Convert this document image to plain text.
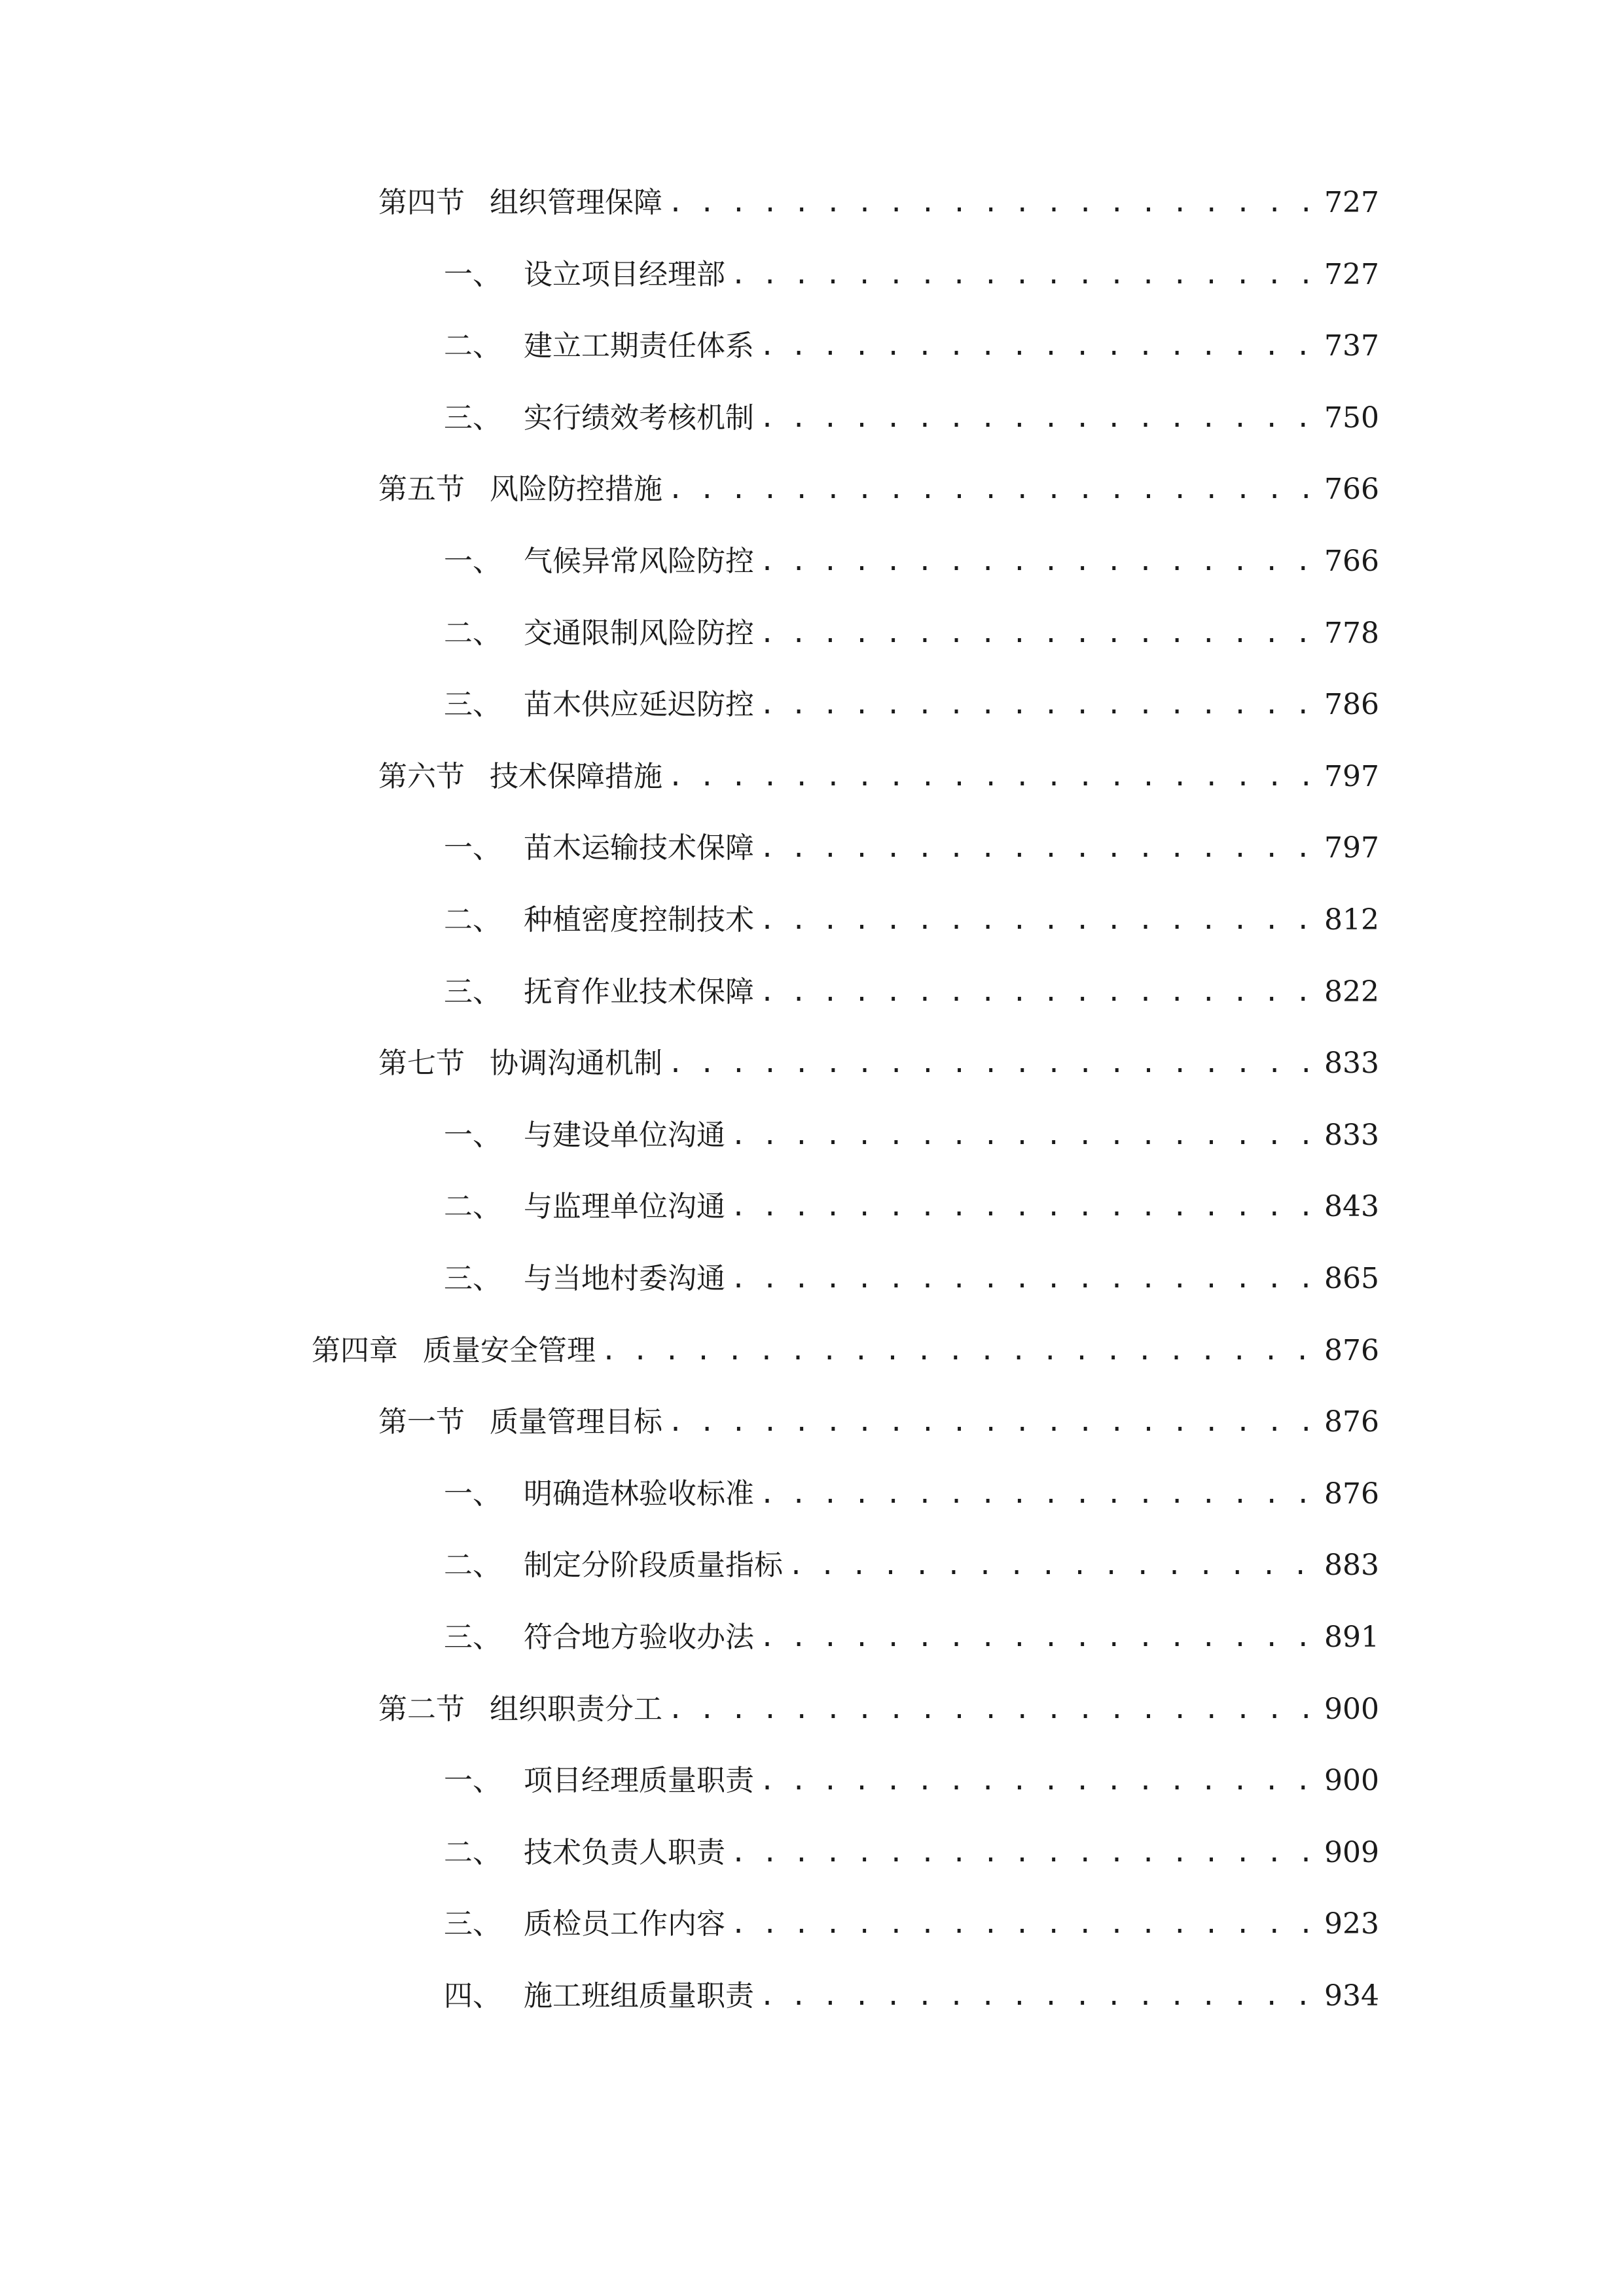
第四节 组织管理保障 . . .	727
一、 设立项目经理部 . . .	727
二、 建立工期责任体系 . . .	737
三、 实行绩效考核机制 . . .	750
第五节 风险防控措施 . . .	766
一、 气候异常风险防控 . . .	766
二、 交通限制风险防控 . . .	778
三、 苗木供应延迟防控 . . .	786
第六节 技术保障措施 . . .	797
一、 苗木运输技术保障 . . .	797
二、 种植密度控制技术 . . .	812
三、 抚育作业技术保障 . . .	822
第七节 协调沟通机制 . . .	833
一、 与建设单位沟通 . . .	833
二、 与监理单位沟通 . . .	843
三、 与当地村委沟通 . . .	865
第四章 质量安全管理 . . .	876
第一节 质量管理目标 . . .	876
一、 明确造林验收标准 . . .	876
二、 制定分阶段质量指标 . . .	883
三、 符合地方验收办法 . . .	891
第二节 组织职责分工 . . .	900
一、 项目经理质量职责 . . .	900
二、 技术负责人职责 . . .	909
三、 质检员工作内容 . . .	923
四、 施工班组质量职责 . . .	934
